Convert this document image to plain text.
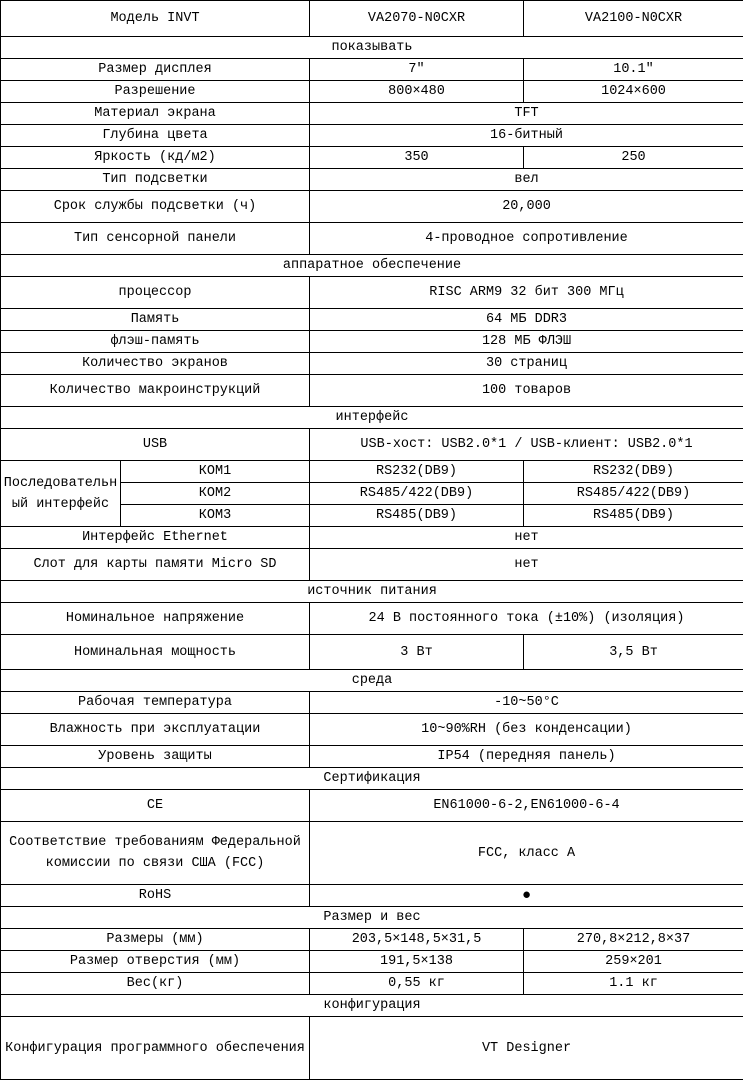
Модель INVT		VA2070-N0CXR	VA2100-N0CXR
показывать			
Размер дисплея		7"	10.1"
Разрешение		800×480	1024×600
Материал экрана		TFT	
Глубина цвета		16-битный	
Яркость (кд/м2)		350	250
Тип подсветки		вел	
Срок службы подсветки (ч)		20,000	
Тип сенсорной панели		4-проводное сопротивление	
аппаратное обеспечение			
процессор		RISC ARM9 32 бит 300 МГц	
Память		64 МБ DDR3	
флэш-память		128 МБ ФЛЭШ	
Количество экранов		30 страниц	
Количество макроинструкций		100 товаров	
интерфейс			
USB		USB-хост: USB2.0*1 / USB-клиент: USB2.0*1	
Последовательный интерфейс	КОМ1	RS232(DB9)	RS232(DB9)
	КОМ2	RS485/422(DB9)	RS485/422(DB9)
	КОМ3	RS485(DB9)	RS485(DB9)
Интерфейс Ethernet		нет	
Слот для карты памяти Micro SD		нет	
источник питания			
Номинальное напряжение		24 В постоянного тока (±10%) (изоляция)	
Номинальная мощность		3 Вт	3,5 Вт
среда			
Рабочая температура		-10~50°C	
Влажность при эксплуатации		10~90%RH (без конденсации)	
Уровень защиты		IP54 (передняя панель)	
Сертификация			
CE		EN61000-6-2,EN61000-6-4	
Соответствие требованиям Федеральной комиссии по связи США (FCC)		FCC, класс A	
RoHS		●	
Размер и вес			
Размеры (мм)		203,5×148,5×31,5	270,8×212,8×37
Размер отверстия (мм)		191,5×138	259×201
Вес(кг)		0,55 кг	1.1 кг
конфигурация			
Конфигурация программного обеспечения		VT Designer	
